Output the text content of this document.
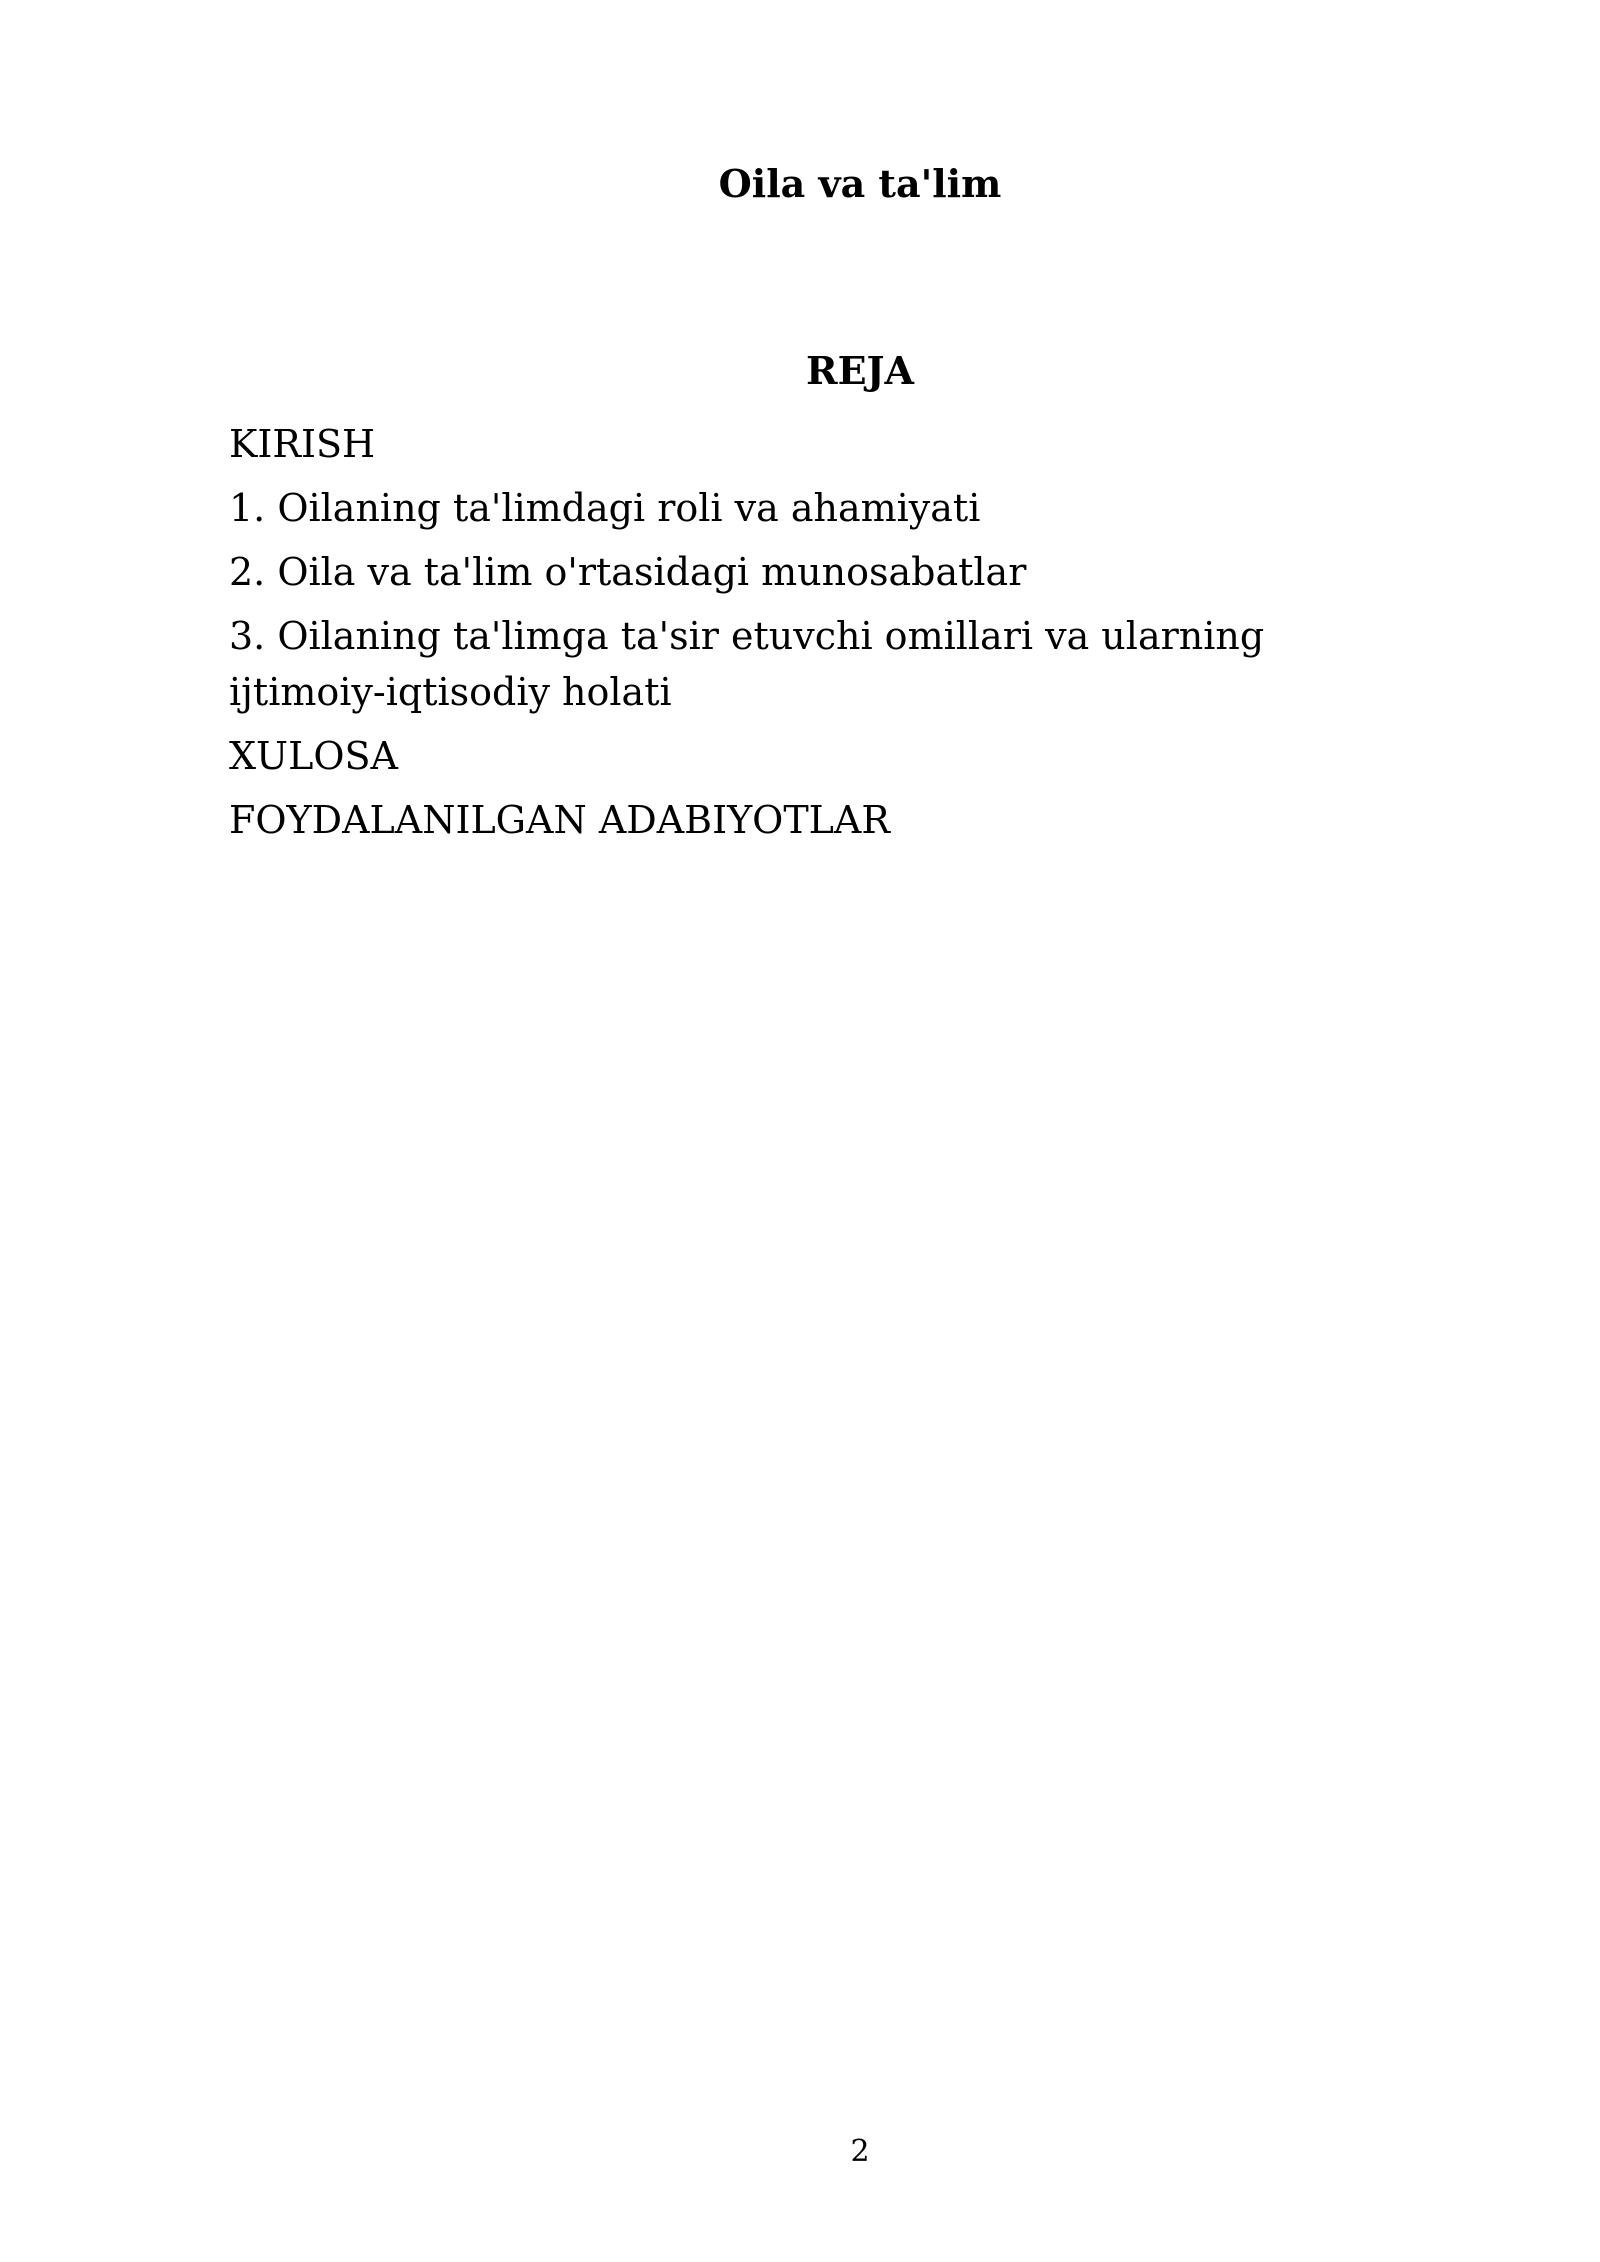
Oila va ta'lim
REJA
KIRISH
1. Oilaning ta'limdagi roli va ahamiyati
2. Oila va ta'lim o'rtasidagi munosabatlar
3. Oilaning ta'limga ta'sir etuvchi omillari va ularning ijtimoiy-iqtisodiy holati
XULOSA
FOYDALANILGAN ADABIYOTLAR
2
